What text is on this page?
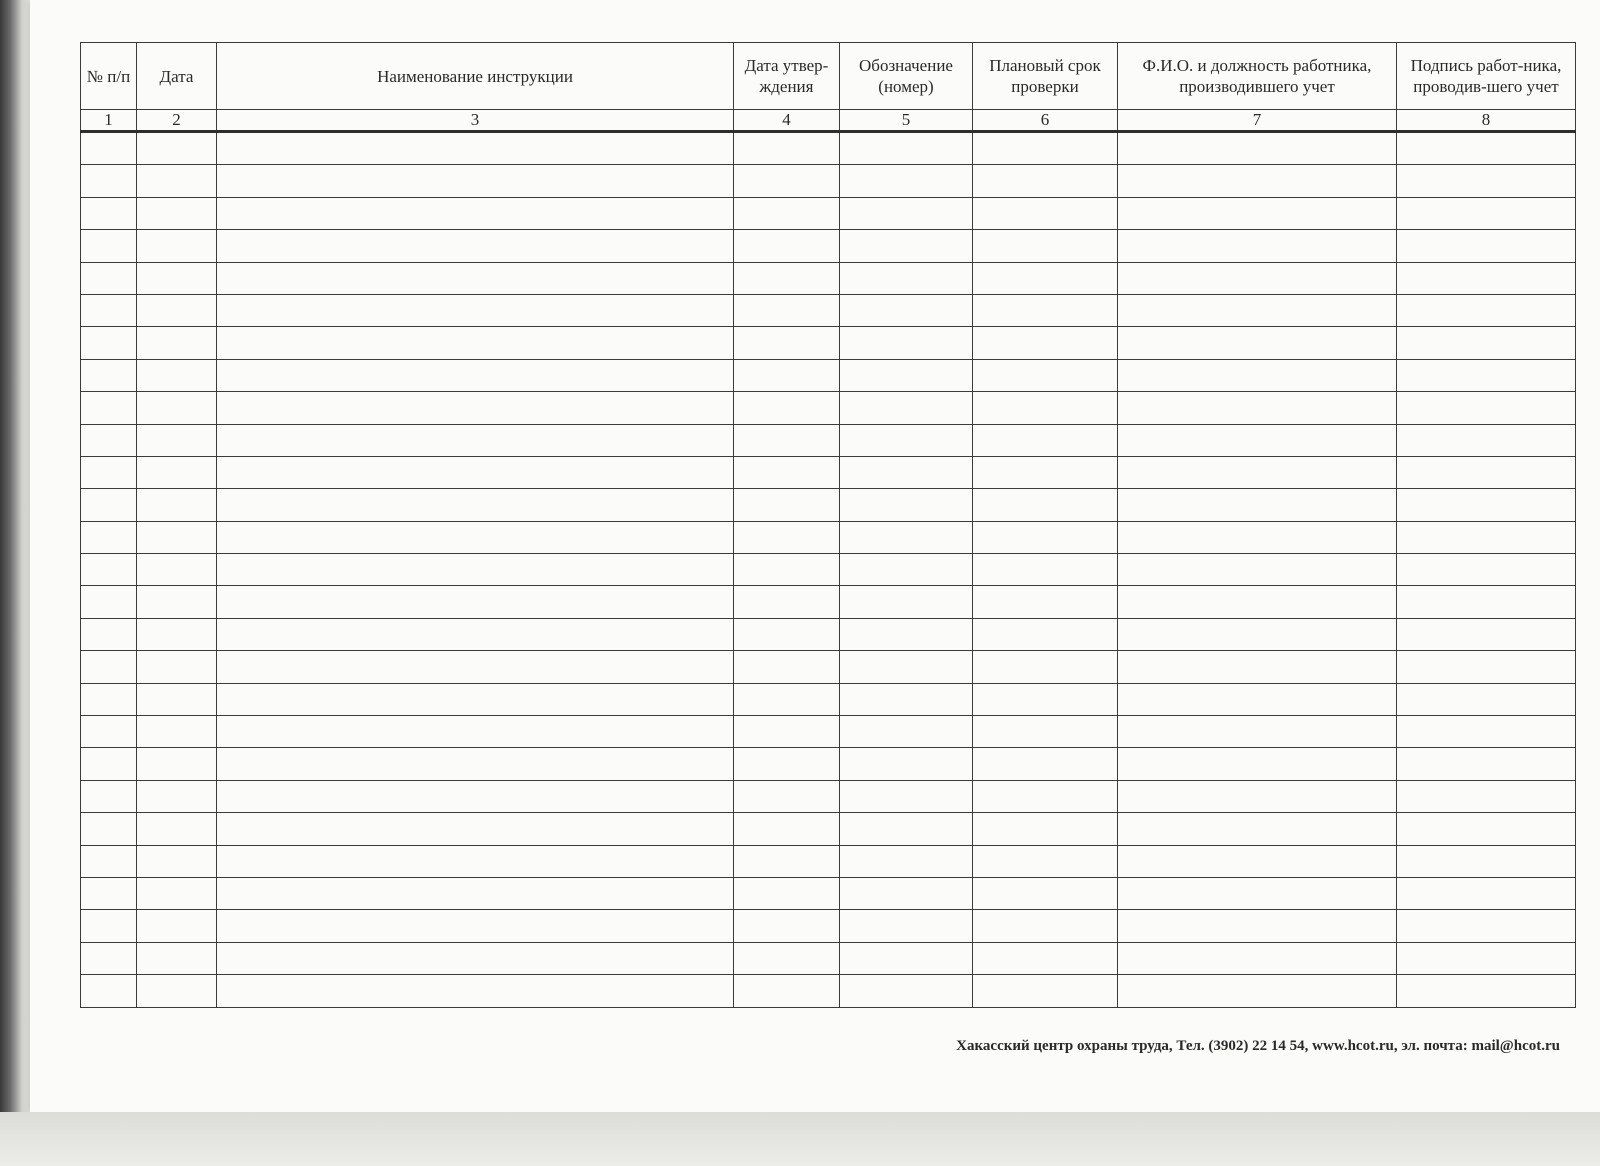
№ п/п	Дата	Наименование инструкции	Дата утвер-ждения	Обозначение (номер)	Плановый срок проверки	Ф.И.О. и должность работника, производившего учет	Подпись работ-ника, проводив-шего учет
1	2	3	4	5	6	7	8

Хакасский центр охраны труда, Тел. (3902) 22 14 54, www.hcot.ru, эл. почта: mail@hcot.ru
